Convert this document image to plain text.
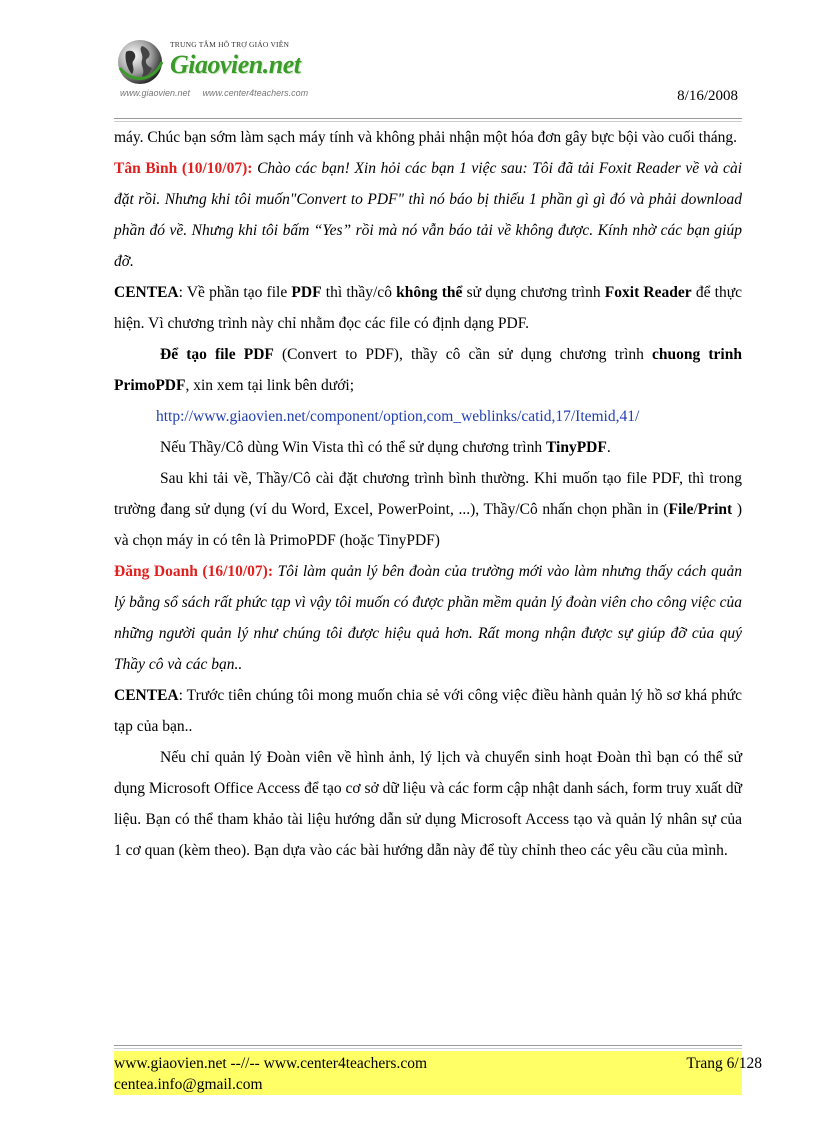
TRUNG TÂM HỖ TRỢ GIÁO VIÊN
Giaovien.net
www.giaovien.net www.center4teachers.com	8/16/2008

máy. Chúc bạn sớm làm sạch máy tính và không phải nhận một hóa đơn gây bực bội vào cuối tháng.

Tân Bình (10/10/07): Chào các bạn! Xin hỏi các bạn 1 việc sau: Tôi đã tải Foxit Reader về và cài đặt rồi. Nhưng khi tôi muốn"Convert to PDF" thì nó báo bị thiếu 1 phần gì gì đó và phải download phần đó về. Nhưng khi tôi bấm “Yes” rồi mà nó vẫn báo tải về không được. Kính nhờ các bạn giúp đỡ.

CENTEA: Về phần tạo file PDF thì thầy/cô không thể sử dụng chương trình Foxit Reader để thực hiện. Vì chương trình này chỉ nhằm đọc các file có định dạng PDF.

Để tạo file PDF (Convert to PDF), thầy cô cần sử dụng chương trình chuong trinh PrimoPDF, xin xem tại link bên dưới;

http://www.giaovien.net/component/option,com_weblinks/catid,17/Itemid,41/

Nếu Thầy/Cô dùng Win Vista thì có thể sử dụng chương trình TinyPDF.

Sau khi tải về, Thầy/Cô cài đặt chương trình bình thường. Khi muốn tạo file PDF, thì trong trường đang sử dụng (ví du Word, Excel, PowerPoint, ...), Thầy/Cô nhấn chọn phần in (File/Print ) và chọn máy in có tên là PrimoPDF (hoặc TinyPDF)

Đăng Doanh (16/10/07): Tôi làm quản lý bên đoàn của trường mới vào làm nhưng thấy cách quản lý bằng sổ sách rất phức tạp vì vậy tôi muốn có được phần mềm quản lý đoàn viên cho công việc của những người quản lý như chúng tôi được hiệu quả hơn. Rất mong nhận được sự giúp đỡ của quý Thầy cô và các bạn..

CENTEA: Trước tiên chúng tôi mong muốn chia sẻ với công việc điều hành quản lý hồ sơ khá phức tạp của bạn..

Nếu chỉ quản lý Đoàn viên về hình ảnh, lý lịch và chuyển sinh hoạt Đoàn thì bạn có thể sử dụng Microsoft Office Access để tạo cơ sở dữ liệu và các form cập nhật danh sách, form truy xuất dữ liệu. Bạn có thể tham khảo tài liệu hướng dẫn sử dụng Microsoft Access tạo và quản lý nhân sự của 1 cơ quan (kèm theo). Bạn dựa vào các bài hướng dẫn này để tùy chỉnh theo các yêu cầu của mình.

www.giaovien.net --//-- www.center4teachers.com
centea.info@gmail.com
Trang 6/128
